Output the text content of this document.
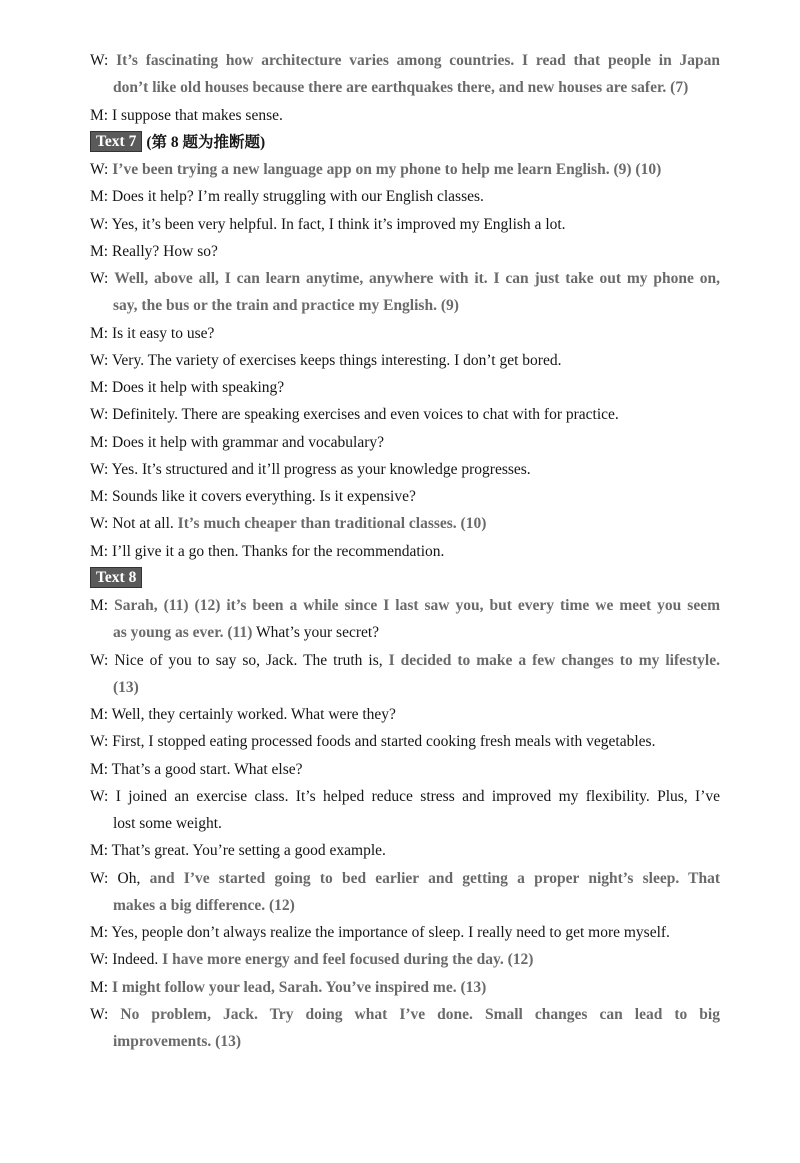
W: It’s fascinating how architecture varies among countries. I read that people in Japan
don’t like old houses because there are earthquakes there, and new houses are safer. (7)
M: I suppose that makes sense.
Text 7 (第 8 题为推断题)
W: I’ve been trying a new language app on my phone to help me learn English. (9) (10)
M: Does it help? I’m really struggling with our English classes.
W: Yes, it’s been very helpful. In fact, I think it’s improved my English a lot.
M: Really? How so?
W: Well, above all, I can learn anytime, anywhere with it. I can just take out my phone on,
say, the bus or the train and practice my English. (9)
M: Is it easy to use?
W: Very. The variety of exercises keeps things interesting. I don’t get bored.
M: Does it help with speaking?
W: Definitely. There are speaking exercises and even voices to chat with for practice.
M: Does it help with grammar and vocabulary?
W: Yes. It’s structured and it’ll progress as your knowledge progresses.
M: Sounds like it covers everything. Is it expensive?
W: Not at all. It’s much cheaper than traditional classes. (10)
M: I’ll give it a go then. Thanks for the recommendation.
Text 8
M: Sarah, (11) (12) it’s been a while since I last saw you, but every time we meet you seem
as young as ever. (11) What’s your secret?
W: Nice of you to say so, Jack. The truth is, I decided to make a few changes to my lifestyle.
(13)
M: Well, they certainly worked. What were they?
W: First, I stopped eating processed foods and started cooking fresh meals with vegetables.
M: That’s a good start. What else?
W: I joined an exercise class. It’s helped reduce stress and improved my flexibility. Plus, I’ve
lost some weight.
M: That’s great. You’re setting a good example.
W: Oh, and I’ve started going to bed earlier and getting a proper night’s sleep. That
makes a big difference. (12)
M: Yes, people don’t always realize the importance of sleep. I really need to get more myself.
W: Indeed. I have more energy and feel focused during the day. (12)
M: I might follow your lead, Sarah. You’ve inspired me. (13)
W: No problem, Jack. Try doing what I’ve done. Small changes can lead to big
improvements. (13)
